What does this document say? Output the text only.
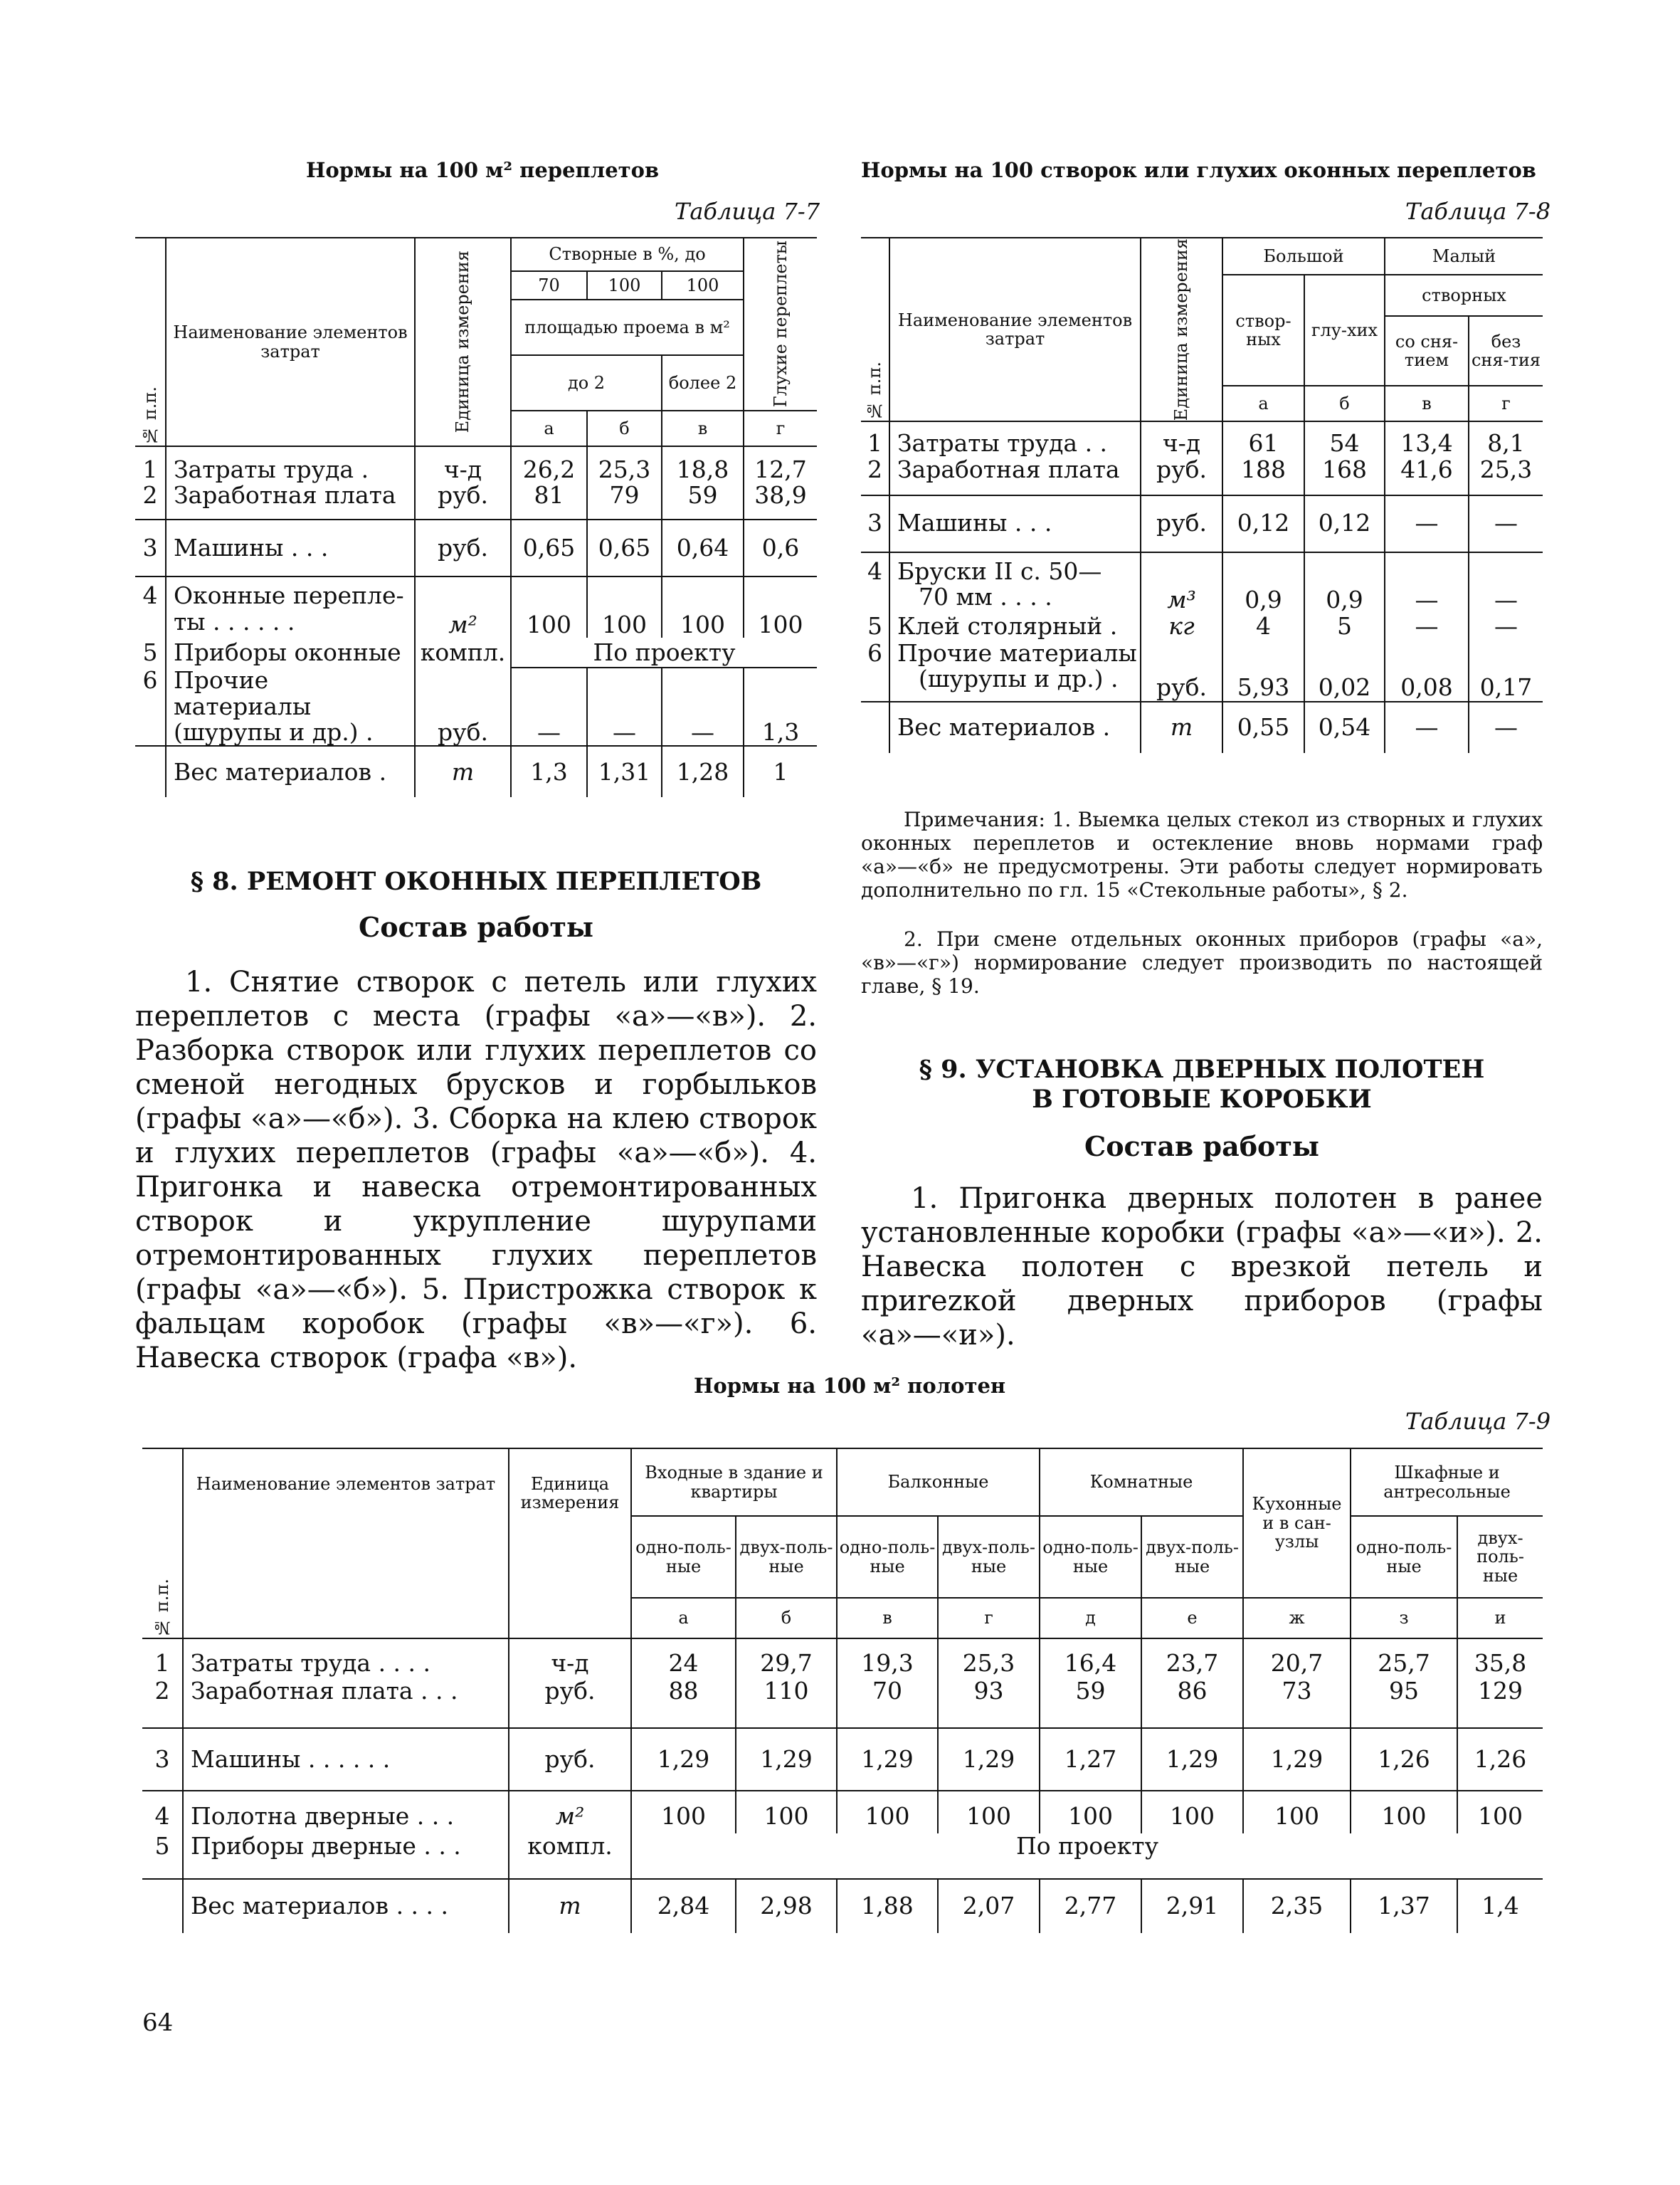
Нормы на 100 м² переплетов
Таблица 7-7
№ п.п.	Наименование элементов затрат	Единица измерения	Створные в %, до			Глухие переплеты

			70	100	100	
			площадью проема в м²			
			до 2		более 2	
			а	б	в	г
1	Затраты труда .	ч-д	26,2	25,3	18,8	12,7
2	Заработная плата	руб.	81	79	59	38,9
3	Машины . . .	руб.	0,65	0,65	0,64	0,6
4	Оконные перепле-
ты . . . . . .	м²	100	100	100	100
5	Приборы оконные	компл.	По проекту			
6	Прочие материалы
(шурупы и др.) .	руб.	—	—	—	1,3
	Вес материалов .	т	1,3	1,31	1,28	1
§ 8. РЕМОНТ ОКОННЫХ ПЕРЕПЛЕТОВ
Состав работы
1. Снятие створок с петель или глухих переплетов с места (графы «а»—«в»). 2. Разборка створок или глухих переплетов со сменой негодных брусков и горбыльков (графы «а»—«б»). 3. Сборка на клею створок и глухих переплетов (графы «а»—«б»). 4. Пригонка и навеска отремонтированных створок и укрупление шурупами отремонтированных глухих переплетов (графы «а»—«б»). 5. Пристрожка створок к фальцам коробок (графы «в»—«г»). 6. Навеска створок (графа «в»).
Нормы на 100 створок или глухих оконных переплетов
Таблица 7-8
№ п.п.	Наименование элементов затрат	Единица измерения	Большой		Малый	
			створ-ных	глу-хих	створных	
					со сня-тием	без сня-тия
			а	б	в	г
1	Затраты труда . .	ч-д	61	54	13,4	8,1
2	Заработная плата	руб.	188	168	41,6	25,3
3	Машины . . .	руб.	0,12	0,12	—	—
4	Бруски II с. 50—
70 мм . . . .	м³	0,9	0,9	—	—
5	Клей столярный .	кг	4	5	—	—
6	Прочие материалы
(шурупы и др.) .	руб.	5,93	0,02	0,08	0,17
	Вес материалов .	т	0,55	0,54	—	—
Примечания: 1. Выемка целых стекол из створных и глухих оконных переплетов и остекление вновь нормами граф «а»—«б» не предусмотрены. Эти работы следует нормировать дополнительно по гл. 15 «Стекольные работы», § 2.
2. При смене отдельных оконных приборов (графы «а», «в»—«г») нормирование следует производить по настоящей главе, § 19.
§ 9. УСТАНОВКА ДВЕРНЫХ ПОЛОТЕН
В ГОТОВЫЕ КОРОБКИ
Состав работы
1. Пригонка дверных полотен в ранее установленные коробки (графы «а»—«и»). 2. Навеска полотен с врезкой петель и приrezкой дверных приборов (графы «а»—«и»).
Нормы на 100 м² полотен
Таблица 7-9
№ п.п.	Наименование элементов затрат	Единица измерения	Входные в здание и квартиры		Балконные		Комнатные		Кухонные и в сан-узлы	Шкафные и антресольные	
			одно-поль-ные	двух-поль-ные	одно-поль-ные	двух-поль-ные	одно-поль-ные	двух-поль-ные		одно-поль-ные	двух-поль-ные
			а	б	в	г	д	е	ж	з	и
1	Затраты труда . . . .	ч-д	24	29,7	19,3	25,3	16,4	23,7	20,7	25,7	35,8
2	Заработная плата . . .	руб.	88	110	70	93	59	86	73	95	129
3	Машины . . . . . .	руб.	1,29	1,29	1,29	1,29	1,27	1,29	1,29	1,26	1,26
4	Полотна дверные . . .	м²	100	100	100	100	100	100	100	100	100
5	Приборы дверные . . .	компл.	По проекту								
	Вес материалов . . . .	т	2,84	2,98	1,88	2,07	2,77	2,91	2,35	1,37	1,4
64
